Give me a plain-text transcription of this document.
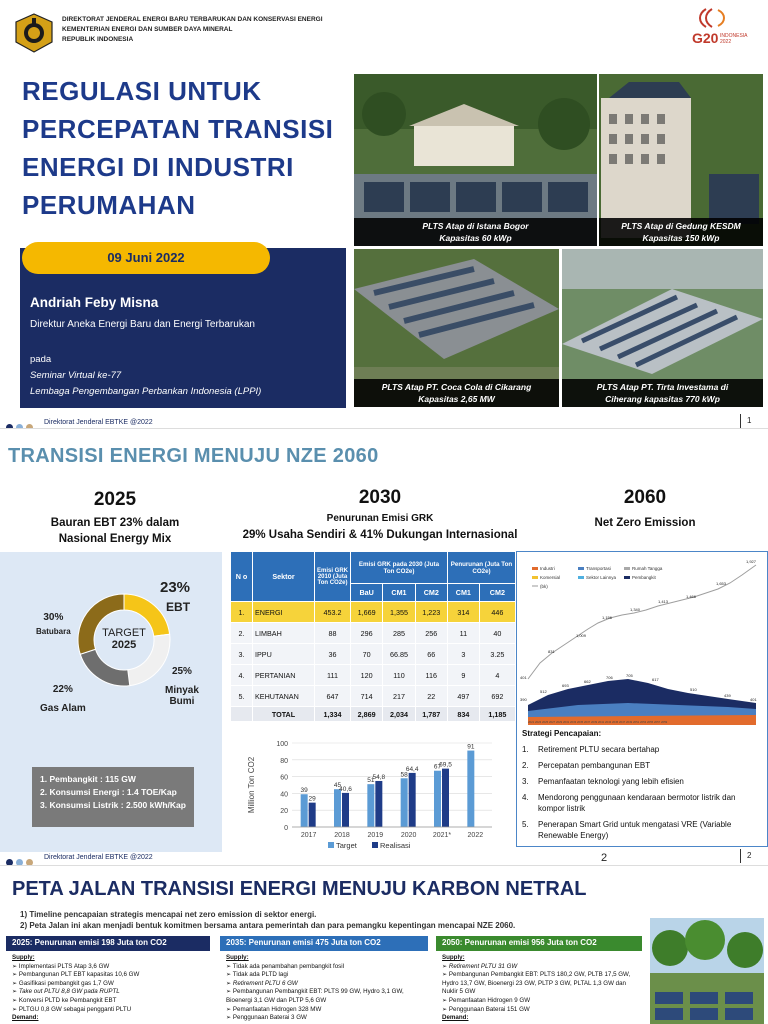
DIREKTORAT JENDERAL ENERGI BARU TERBARUKAN DAN KONSERVASI ENERGI
KEMENTERIAN ENERGI DAN SUMBER DAYA MINERAL
REPUBLIK INDONESIA	G20 INDONESIA
2022
REGULASI UNTUK
PERCEPATAN TRANSISI
ENERGI DI INDUSTRI
PERUMAHAN
09 Juni 2022
Andriah Feby Misna
Direktur Aneka Energi Baru dan Energi Terbarukan
pada
Seminar Virtual ke-77
Lembaga Pengembangan Perbankan Indonesia (LPPI)
PLTS Atap di Istana Bogor
Kapasitas 60 kWp
PLTS Atap di Gedung KESDM
Kapasitas 150 kWp
PLTS Atap PT. Coca Cola di Cikarang
Kapasitas 2,65 MW
PLTS Atap PT. Tirta Investama di
Ciherang kapasitas 770 kWp
Direktorat Jenderal EBTKE @2022	1
TRANSISI ENERGI MENUJU NZE 2060
2025
Bauran EBT 23% dalam
Nasional Energy Mix
2030
Penurunan Emisi GRK
29% Usaha Sendiri & 41% Dukungan Internasional
2060
Net Zero Emission
TARGET
2025
23%
EBT
25%
Minyak
Bumi
22%
Gas Alam
30%
Batubara
1. Pembangkit : 115 GW
2. Konsumsi Energi : 1.4 TOE/Kap
3. Konsumsi Listrik : 2.500 kWh/Kap
N o	Sektor	Emisi GRK 2010 (Juta Ton CO2e)	Emisi GRK pada 2030 (Juta Ton CO2e)			Penurunan (Juta Ton CO2e)	
			BaU	CM1	CM2	CM1	CM2
1.	ENERGI	453.2	1,669	1,355	1,223	314	446
2.	LIMBAH	88	296	285	256	11	40
3.	IPPU	36	70	66.85	66	3	3.25
4.	PERTANIAN	111	120	110	116	9	4
5.	KEHUTANAN	647	714	217	22	497	692
	TOTAL	1,334	2,869	2,034	1,787	834	1,185
0
20
40
60
80
100
Million Ton CO2	39
29
2017
45
40,6
2018
51
54,8
2019
58
64,4
2020
67
69,5
2021*
91
2022
Target	Realisasi
Industri	Transportasi	Rumah Tangga
Komersial	Sektor Lainnya	Pembangkit
(bk)
401
831
1,009
1,156
1,340
1,413
1,466
1,653
1,927
390
512
693
662
706	705
617
510
439
401
2021 2023 2025 2027 2029 2031 2033 2035 2037 2039 2041 2043 2045 2047 2049 2051 2053 2055 2057 2059
Strategi Pencapaian:
1.	Retirement PLTU secara bertahap
2.	Percepatan pembangunan EBT
3.	Pemanfaatan teknologi yang lebih efisien
4.	Mendorong penggunaan kendaraan bermotor listrik dan kompor listrik
5.	Penerapan Smart Grid untuk mengatasi VRE (Variable Renewable Energy)
Direktorat Jenderal EBTKE @2022	2	2
PETA JALAN TRANSISI ENERGI MENUJU KARBON NETRAL
1) Timeline pencapaian strategis mencapai net zero emission di sektor energi.
2) Peta Jalan ini akan menjadi bentuk komitmen bersama antara pemerintah dan para pemangku kepentingan mencapai NZE 2060.
2025: Penurunan emisi 198 Juta ton CO2
Supply:
➢ Implementasi PLTS Atap 3,6 GW
➢ Pembangunan PLT EBT kapasitas 10,6 GW
➢ Gasifikasi pembangkit gas 1,7 GW
➢ Take out PLTU 8,8 GW pada RUPTL
➢ Konversi PLTD ke Pembangkit EBT
➢ PLTGU 0,8 GW sebagai pengganti PLTU
Demand:
2035: Penurunan emisi 475 Juta ton CO2
Supply:
➢ Tidak ada penambahan pembangkit fosil
➢ Tidak ada PLTD lagi
➢ Retirement PLTU 6 GW
➢ Pembangunan Pembangkit EBT: PLTS 99 GW, Hydro 3,1 GW, Bioenergi 3,1 GW dan PLTP 5,6 GW
➢ Pemanfaatan Hidrogen 328 MW
➢ Penggunaan Baterai 3 GW
2050: Penurunan emisi 956 Juta ton CO2
Supply:
➢ Retirement PLTU 31 GW
➢ Pembangunan Pembangkit EBT: PLTS 180,2 GW, PLTB 17,5 GW, Hydro 13,7 GW, Bioenergi 23 GW, PLTP 3 GW, PLTAL 1,3 GW dan Nuklir 5 GW
➢ Pemanfaatan Hidrogen 9 GW
➢ Penggunaan Baterai 151 GW
Demand:
